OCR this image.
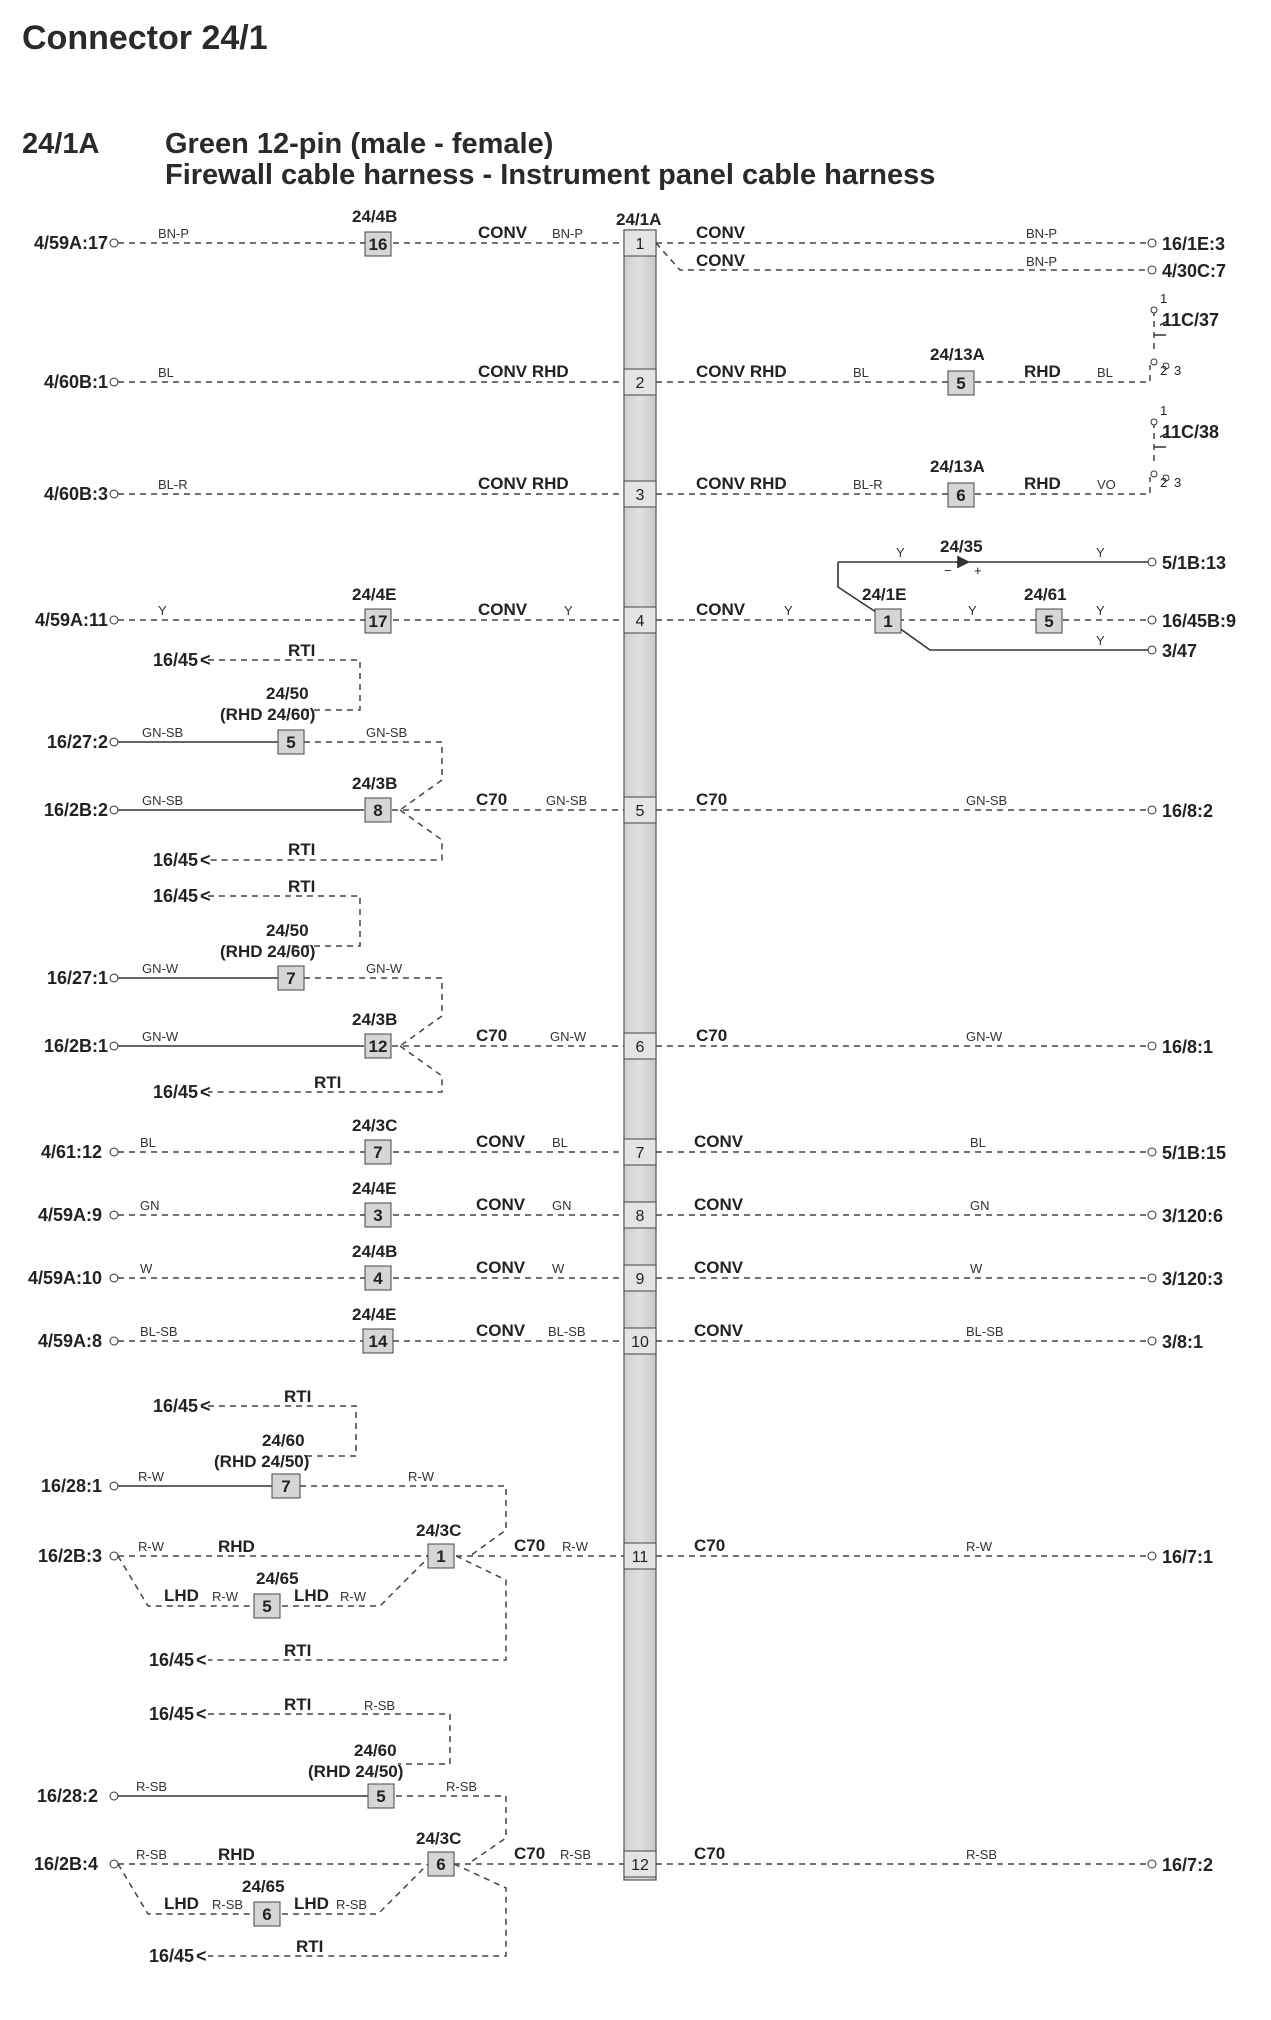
Connector 24/1
24/1A Green 12-pin (male - female)
Firewall cable harness - Instrument panel cable harness
24/1A
1
2
3
4
5
6
7
8
9
10
11
12
4/59A:17	BN-P
24/4B
16
CONV BN-P	CONV	BN-P
CONV	BN-P
16/1E:3
4/30C:7
4/60B:1	BL	CONV RHD	CONV RHD	BL
24/13A
5
RHD	BL
1
2 3
11C/37
4/60B:3	BL-R	CONV RHD	CONV RHD	BL-R
24/13A
6
RHD	VO
1
2 3
11C/38
4/59A:11	Y
24/4E
17
CONV	Y	CONV	Y
24/35
− +
Y	Y
24/1E
1
Y
24/61
5
Y
Y
5/1B:13
16/45B:9
3/47
16/45 <	RTI
24/50
(RHD 24/60)
16/27:2	GN-SB
5
GN-SB
16/2B:2	GN-SB
24/3B
8
C70	GN-SB	C70	GN-SB
16/8:2
16/45 <
RTI
16/45 <	RTI
24/50
(RHD 24/60)
16/27:1	GN-W
7
GN-W
16/2B:1	GN-W
24/3B
12
C70	GN-W	C70	GN-W
16/8:1
16/45 <	RTI
4/61:12	BL
24/3C
7
CONV BL	CONV	BL
5/1B:15
4/59A:9	GN
24/4E
3
CONV GN	CONV	GN
3/120:6
4/59A:10	W
24/4B
4
CONV W	CONV	W
3/120:3
4/59A:8	BL-SB
24/4E
14
CONV BL-SB	CONV	BL-SB
3/8:1
16/45 <	RTI
24/60
(RHD 24/50)
16/28:1	R-W
7
R-W
16/2B:3	R-W	RHD
24/3C
1
C70 R-W	C70	R-W
16/7:1
LHD R-W
24/65
5
LHD R-W
16/45 <	RTI
16/45 <	RTI	R-SB
24/60
(RHD 24/50)
16/28:2	R-SB
5
R-SB
16/2B:4	R-SB	RHD
24/3C
6
C70 R-SB	C70	R-SB
16/7:2
LHD R-SB
24/65
6
LHD R-SB
16/45 <	RTI
